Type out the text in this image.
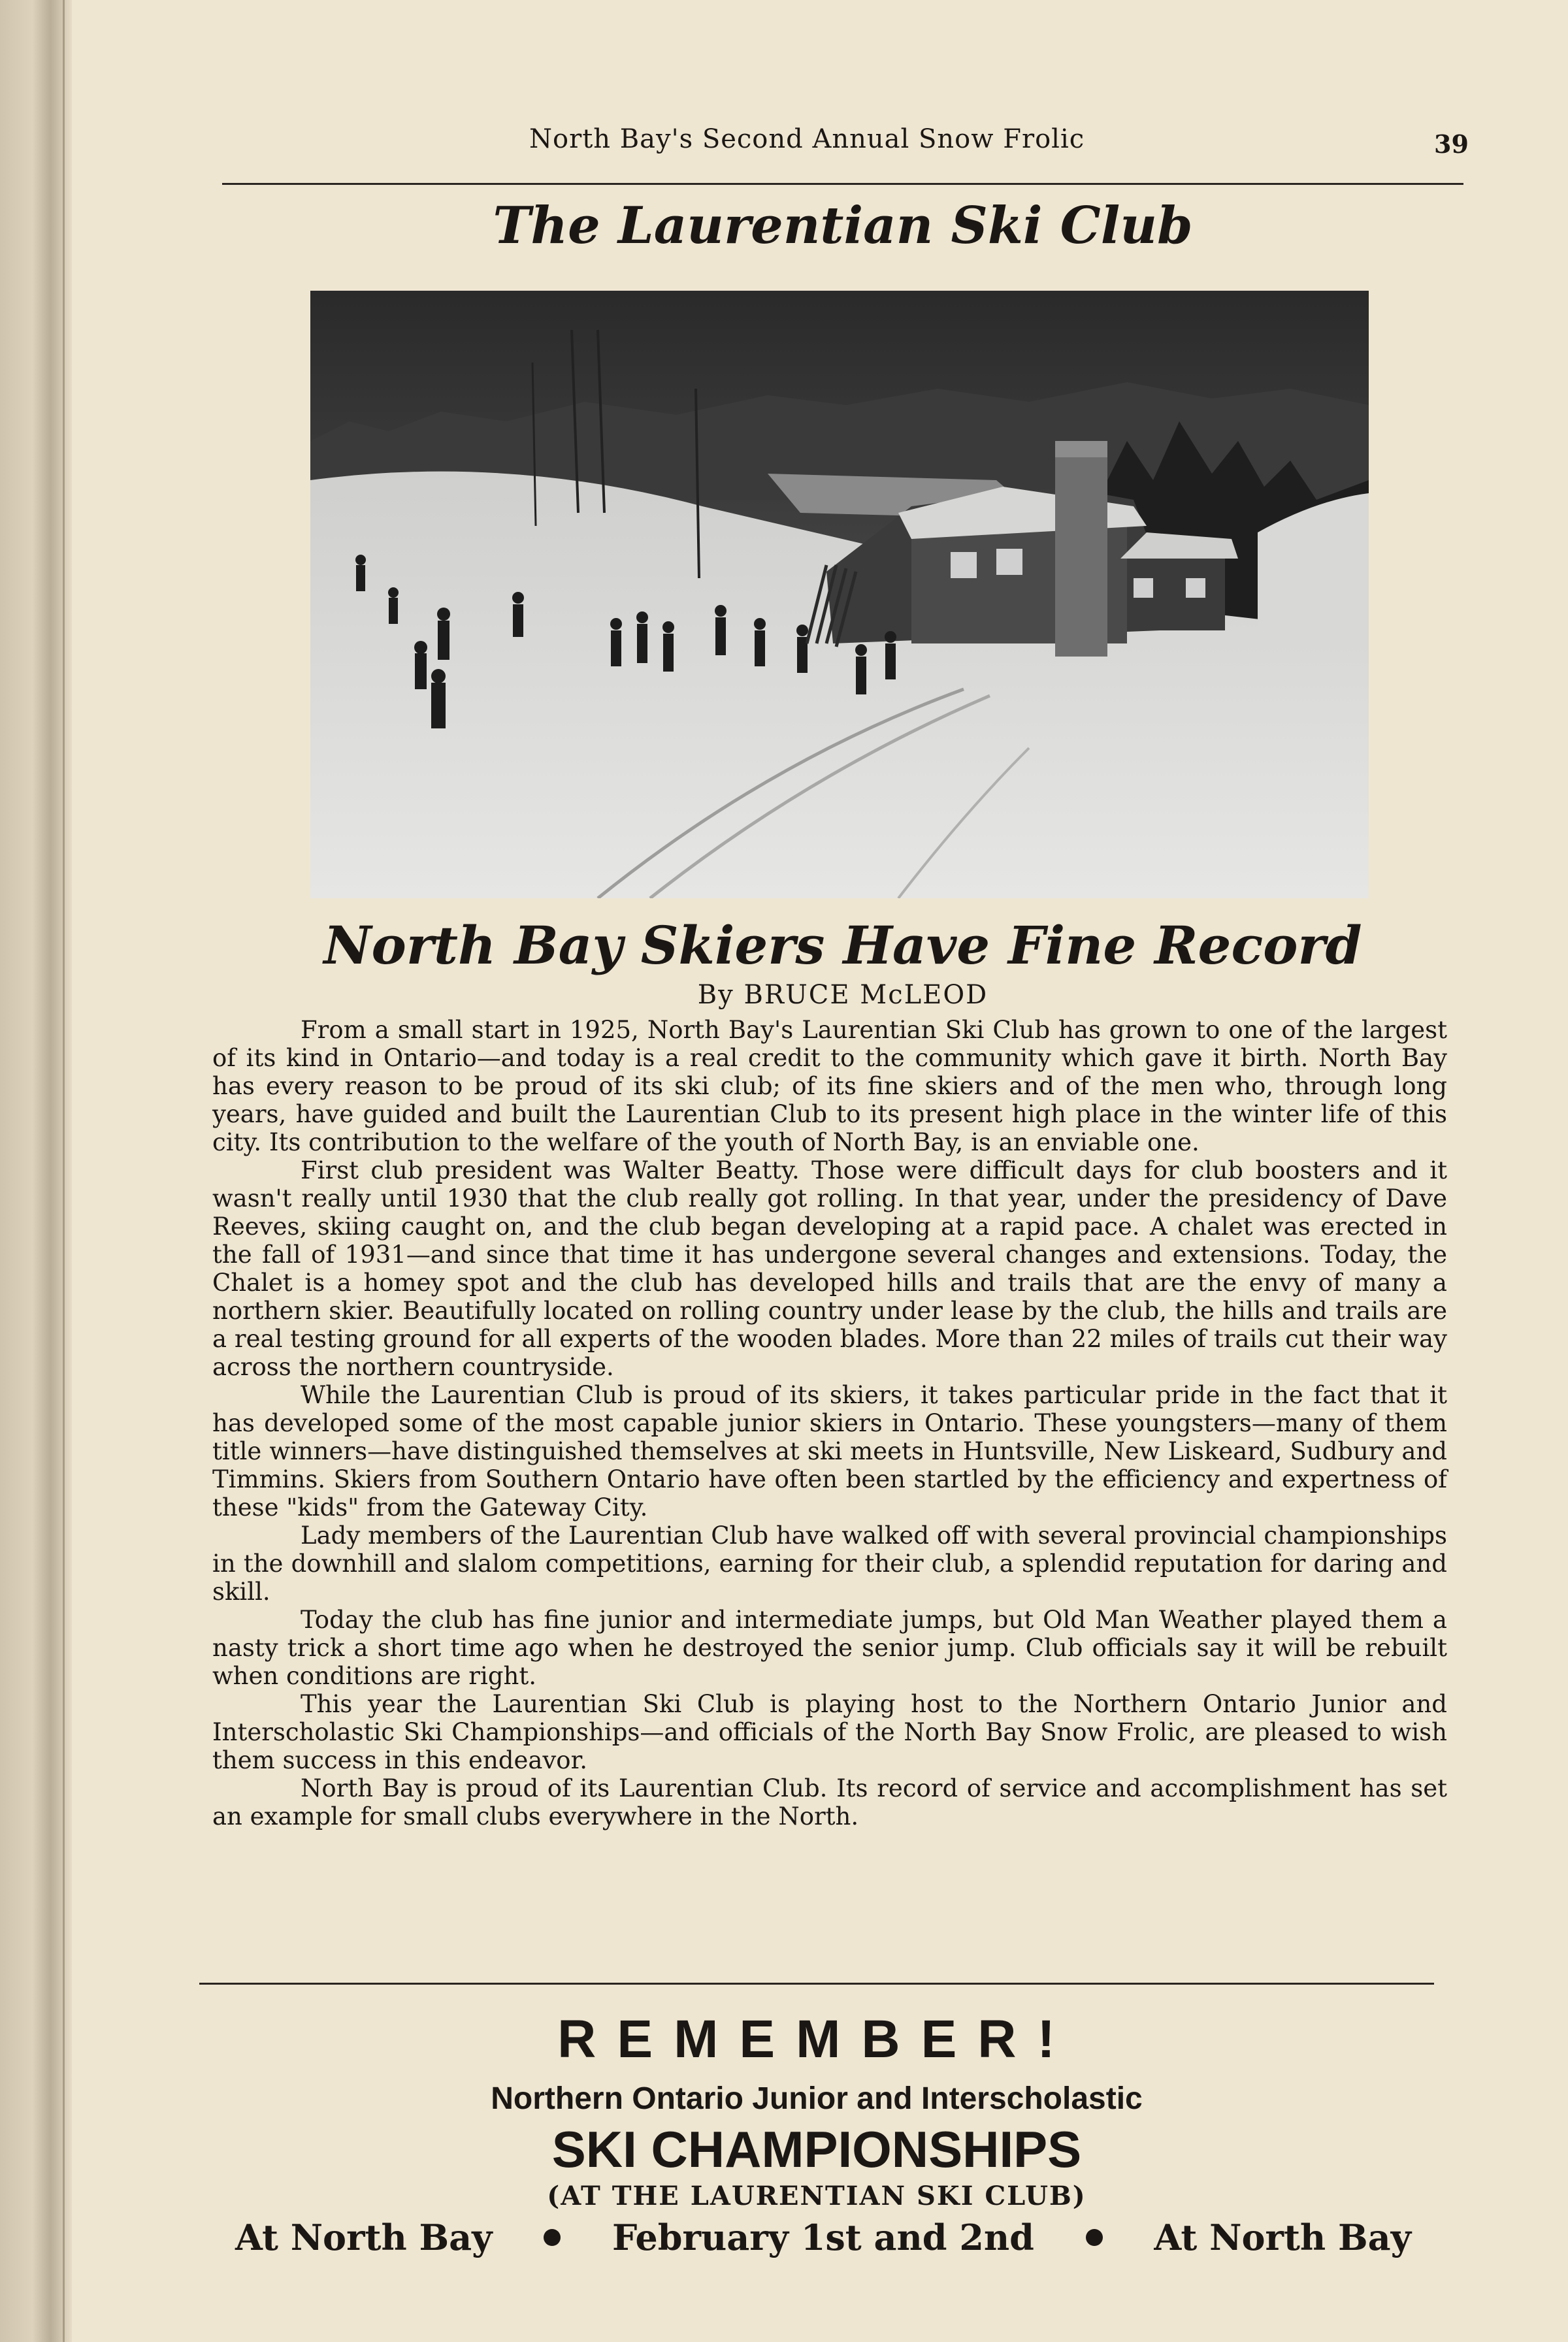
North Bay's Second Annual Snow Frolic	39
The Laurentian Ski Club
North Bay Skiers Have Fine Record
By BRUCE McLEOD

From a small start in 1925, North Bay's Laurentian Ski Club has grown to one of the largest of its kind in Ontario—and today is a real credit to the community which gave it birth. North Bay has every reason to be proud of its ski club; of its fine skiers and of the men who, through long years, have guided and built the Laurentian Club to its present high place in the winter life of this city. Its contribution to the welfare of the youth of North Bay, is an enviable one.

First club president was Walter Beatty. Those were difficult days for club boosters and it wasn't really until 1930 that the club really got rolling. In that year, under the presidency of Dave Reeves, skiing caught on, and the club began developing at a rapid pace. A chalet was erected in the fall of 1931—and since that time it has undergone several changes and extensions. Today, the Chalet is a homey spot and the club has developed hills and trails that are the envy of many a northern skier. Beautifully located on rolling country under lease by the club, the hills and trails are a real testing ground for all experts of the wooden blades. More than 22 miles of trails cut their way across the northern countryside.

While the Laurentian Club is proud of its skiers, it takes particular pride in the fact that it has developed some of the most capable junior skiers in Ontario. These youngsters—many of them title winners—have distinguished themselves at ski meets in Huntsville, New Liskeard, Sudbury and Timmins. Skiers from Southern Ontario have often been startled by the efficiency and expertness of these "kids" from the Gateway City.

Lady members of the Laurentian Club have walked off with several provincial championships in the downhill and slalom competitions, earning for their club, a splendid reputation for daring and skill.

Today the club has fine junior and intermediate jumps, but Old Man Weather played them a nasty trick a short time ago when he destroyed the senior jump. Club officials say it will be rebuilt when conditions are right.

This year the Laurentian Ski Club is playing host to the Northern Ontario Junior and Interscholastic Ski Championships—and officials of the North Bay Snow Frolic, are pleased to wish them success in this endeavor.

North Bay is proud of its Laurentian Club. Its record of service and accomplishment has set an example for small clubs everywhere in the North.

REMEMBER!
Northern Ontario Junior and Interscholastic
SKI CHAMPIONSHIPS
(AT THE LAURENTIAN SKI CLUB)
At North Bay	February 1st and 2nd	At North Bay
